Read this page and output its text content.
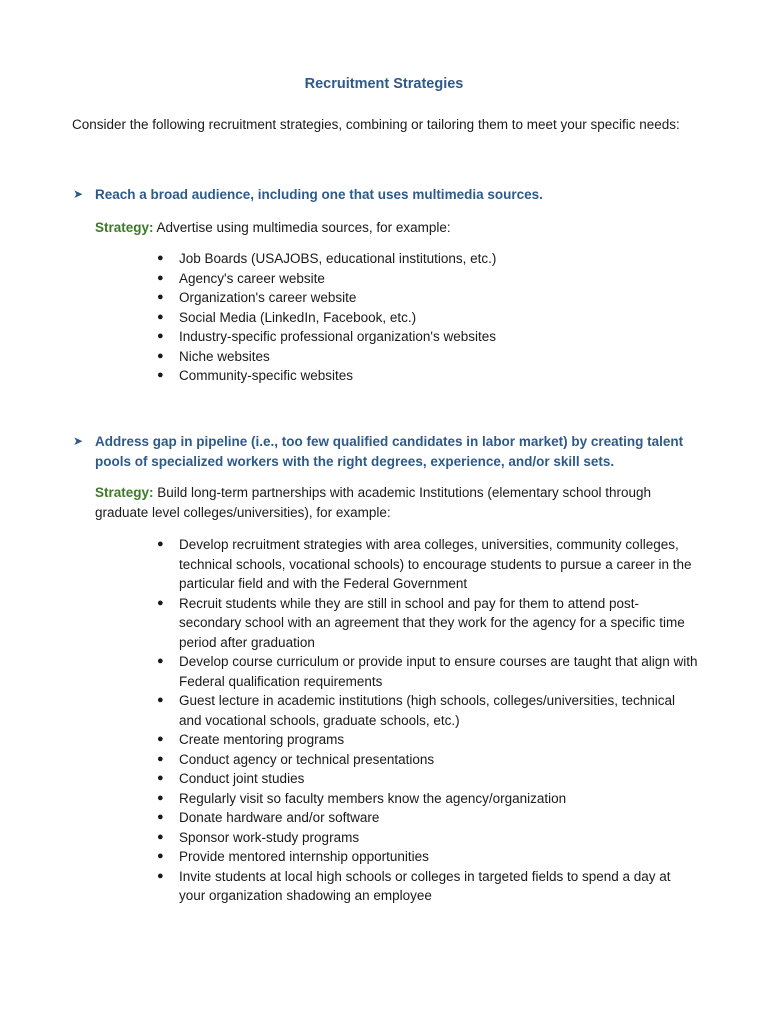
Recruitment Strategies
Consider the following recruitment strategies, combining or tailoring them to meet your specific needs:
➤ Reach a broad audience, including one that uses multimedia sources.
Strategy: Advertise using multimedia sources, for example:
● Job Boards (USAJOBS, educational institutions, etc.)
● Agency's career website
● Organization's career website
● Social Media (LinkedIn, Facebook, etc.)
● Industry-specific professional organization's websites
● Niche websites
● Community-specific websites
➤ Address gap in pipeline (i.e., too few qualified candidates in labor market) by creating talent pools of specialized workers with the right degrees, experience, and/or skill sets.
Strategy: Build long-term partnerships with academic Institutions (elementary school through graduate level colleges/universities), for example:
● Develop recruitment strategies with area colleges, universities, community colleges, technical schools, vocational schools) to encourage students to pursue a career in the particular field and with the Federal Government
● Recruit students while they are still in school and pay for them to attend post-secondary school with an agreement that they work for the agency for a specific time period after graduation
● Develop course curriculum or provide input to ensure courses are taught that align with Federal qualification requirements
● Guest lecture in academic institutions (high schools, colleges/universities, technical and vocational schools, graduate schools, etc.)
● Create mentoring programs
● Conduct agency or technical presentations
● Conduct joint studies
● Regularly visit so faculty members know the agency/organization
● Donate hardware and/or software
● Sponsor work-study programs
● Provide mentored internship opportunities
● Invite students at local high schools or colleges in targeted fields to spend a day at your organization shadowing an employee
